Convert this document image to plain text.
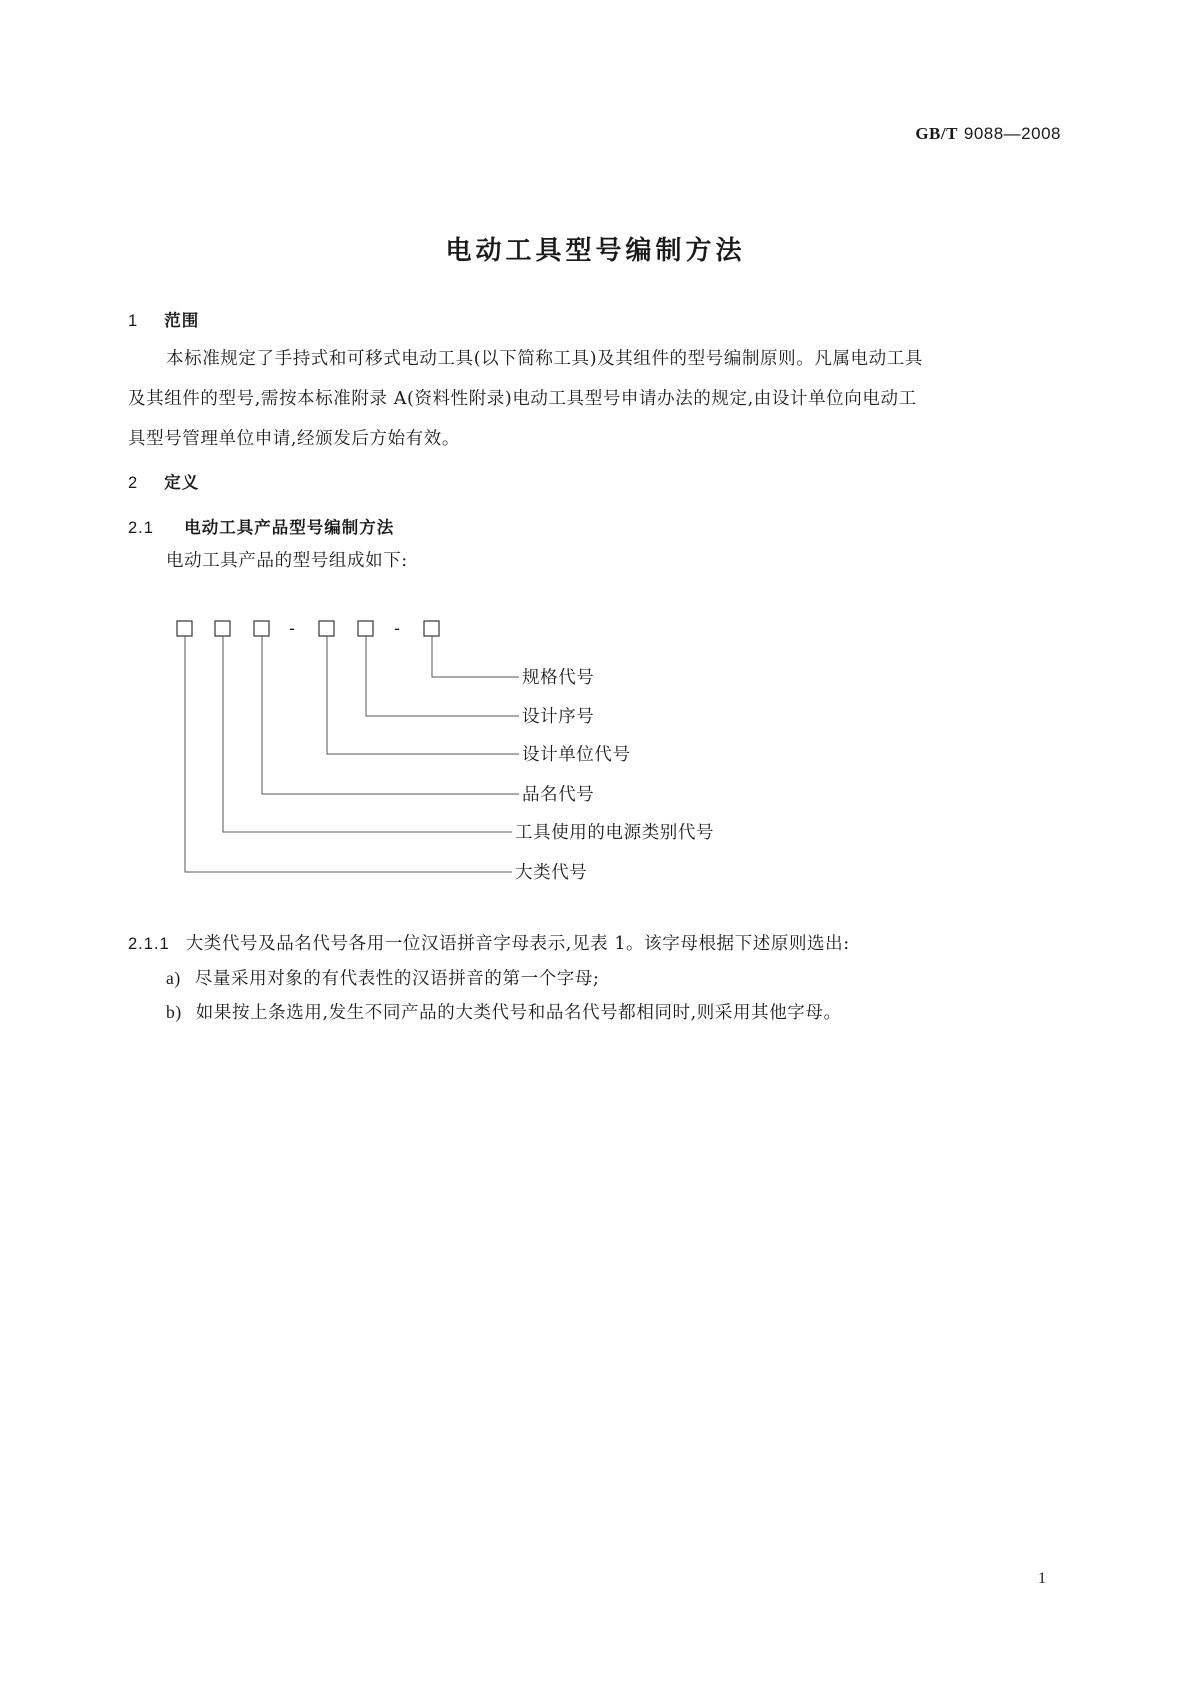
GB/T 9088—2008
电动工具型号编制方法
1 范围

本标准规定了手持式和可移式电动工具(以下简称工具)及其组件的型号编制原则。凡属电动工具

及其组件的型号,需按本标准附录 A(资料性附录)电动工具型号申请办法的规定,由设计单位向电动工

具型号管理单位申请,经颁发后方始有效。

2 定义
2.1 电动工具产品型号编制方法

电动工具产品的型号组成如下:

-	-
规格代号
设计序号
设计单位代号
品名代号
工具使用的电源类别代号
大类代号
2.1.1 大类代号及品名代号各用一位汉语拼音字母表示,见表 1。该字母根据下述原则选出:
a) 尽量采用对象的有代表性的汉语拼音的第一个字母;
b) 如果按上条选用,发生不同产品的大类代号和品名代号都相同时,则采用其他字母。
1
